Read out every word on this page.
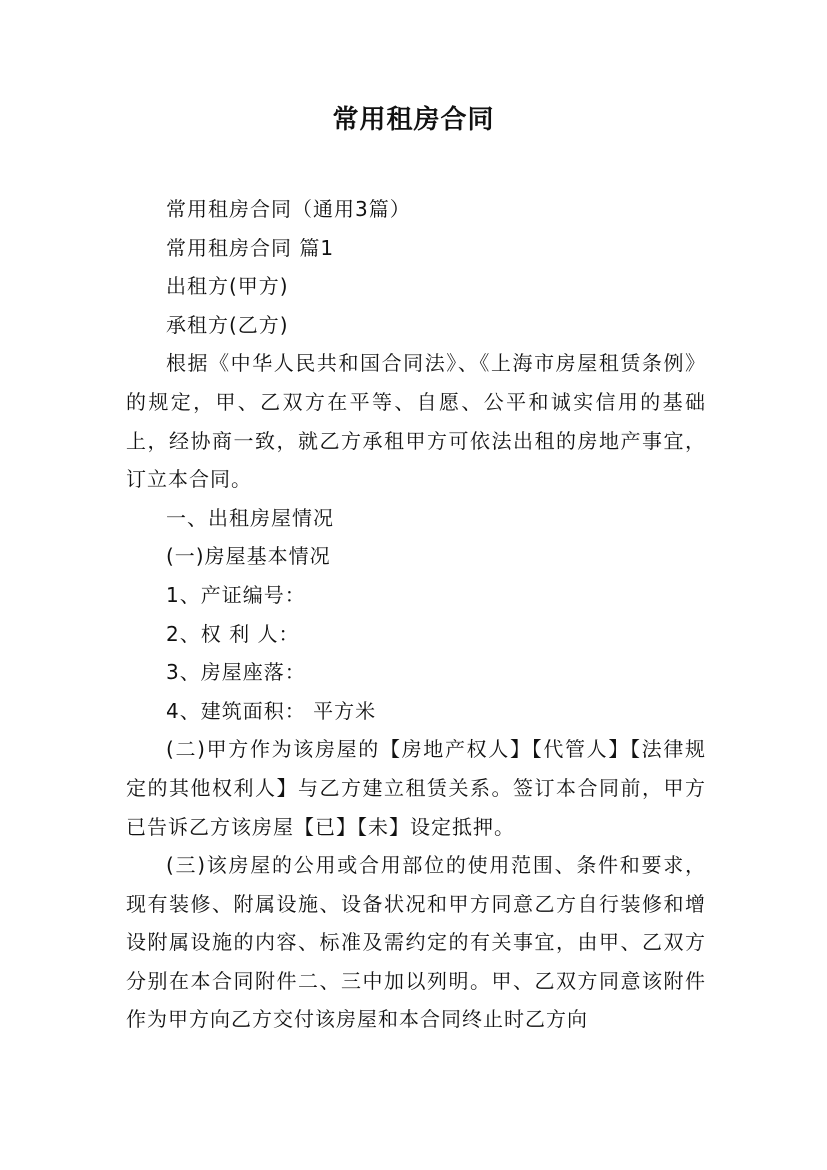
常用租房合同

常用租房合同（通用3篇）

常用租房合同 篇1

出租方(甲方)

承租方(乙方)

根据《中华人民共和国合同法》、《上海市房屋租赁条例》的规定，甲、乙双方在平等、自愿、公平和诚实信用的基础上，经协商一致，就乙方承租甲方可依法出租的房地产事宜，订立本合同。

一、出租房屋情况

(一)房屋基本情况

1、产证编号：

2、权 利 人：

3、房屋座落：

4、建筑面积： 平方米

(二)甲方作为该房屋的【房地产权人】【代管人】【法律规定的其他权利人】与乙方建立租赁关系。签订本合同前，甲方已告诉乙方该房屋【已】【未】设定抵押。

(三)该房屋的公用或合用部位的使用范围、条件和要求，现有装修、附属设施、设备状况和甲方同意乙方自行装修和增设附属设施的内容、标准及需约定的有关事宜，由甲、乙双方分别在本合同附件二、三中加以列明。甲、乙双方同意该附件作为甲方向乙方交付该房屋和本合同终止时乙方向
